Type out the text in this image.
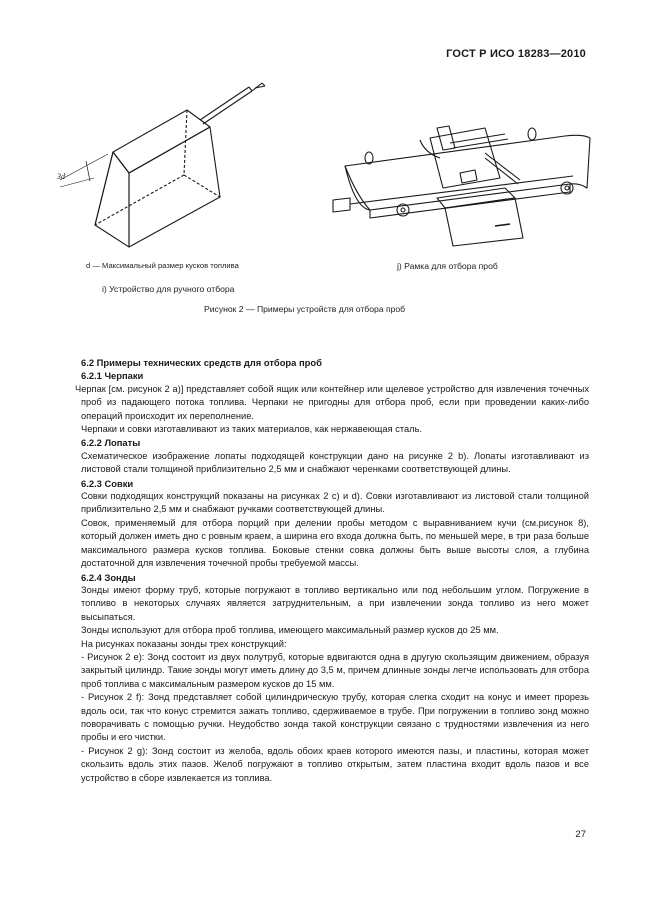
ГОСТ Р ИСО 18283—2010
3d
d — Максимальный размер кусков топлива	j) Рамка для отбора проб
i) Устройство для ручного отбора
Рисунок 2 — Примеры устройств для отбора проб
6.2 Примеры технических средств для отбора проб
6.2.1 Черпаки

Черпак [см. рисунок 2 а)] представляет собой ящик или контейнер или щелевое устройство для извлечения точечных проб из падающего потока топлива. Черпаки не пригодны для отбора проб, если при проведении каких-либо операций происходит их переполнение.

Черпаки и совки изготавливают из таких материалов, как нержавеющая сталь.

6.2.2 Лопаты

Схематическое изображение лопаты подходящей конструкции дано на рисунке 2 b). Лопаты изготавливают из листовой стали толщиной приблизительно 2,5 мм и снабжают черенками соответствующей длины.

6.2.3 Совки

Совки подходящих конструкций показаны на рисунках 2 c) и d). Совки изготавливают из листовой стали толщиной приблизительно 2,5 мм и снабжают ручками соответствующей длины.

Совок, применяемый для отбора порций при делении пробы методом с выравниванием кучи (см.рисунок 8), который должен иметь дно с ровным краем, а ширина его входа должна быть, по меньшей мере, в три раза больше максимального размера кусков топлива. Боковые стенки совка должны быть выше высоты слоя, а глубина достаточной для извлечения точечной пробы требуемой массы.

6.2.4 Зонды

Зонды имеют форму труб, которые погружают в топливо вертикально или под небольшим углом. Погружение в топливо в некоторых случаях является затруднительным, а при извлечении зонда топливо из него может высыпаться.

Зонды используют для отбора проб топлива, имеющего максимальный размер кусков до 25 мм.

На рисунках показаны зонды трех конструкций:

- Рисунок 2 е): Зонд состоит из двух полутруб, которые вдвигаются одна в другую скользящим движением, образуя закрытый цилиндр. Такие зонды могут иметь длину до 3,5 м, причем длинные зонды легче использовать для отбора проб топлива с максимальным размером кусков до 15 мм.

- Рисунок 2 f): Зонд представляет собой цилиндрическую трубу, которая слегка сходит на конус и имеет прорезь вдоль оси, так что конус стремится зажать топливо, сдерживаемое в трубе. При погружении в топливо зонд можно поворачивать с помощью ручки. Неудобство зонда такой конструкции связано с трудностями извлечения из него пробы и его чистки.

- Рисунок 2 g): Зонд состоит из желоба, вдоль обоих краев которого имеются пазы, и пластины, которая может скользить вдоль этих пазов. Желоб погружают в топливо открытым, затем пластина входит вдоль пазов и все устройство в сборе извлекается из топлива.

27
